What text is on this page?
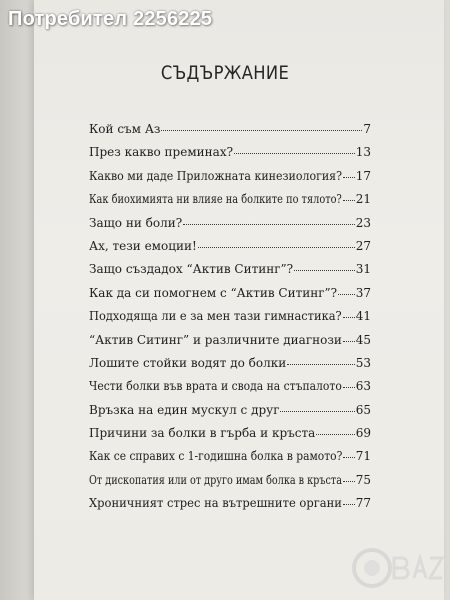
Потребител 2256225
СЪДЪРЖАНИЕ
Кой съм Аз	7
През какво преминах?	13
Какво ми даде Приложната кинезиология? 17
Как биохимията ни влияе на болките по тялото? 21
Защо ни боли?	23
Ах, тези емоции!	27
Защо създадох “Актив Ситинг”?	31
Как да си помогнем с “Актив Ситинг”? 37
Подходяща ли е за мен тази гимнастика? 41
“Актив Ситинг” и различните диагнози 45
Лошите стойки водят до болки	53
Чести болки във врата и свода на стъпалото 63
Връзка на един мускул с друг	65
Причини за болки в гърба и кръста	69
Как се справих с 1-годишна болка в рамото? 71
От дископатия или от друго имам болка в кръста 75
Хроничният стрес на вътрешните органи 77
